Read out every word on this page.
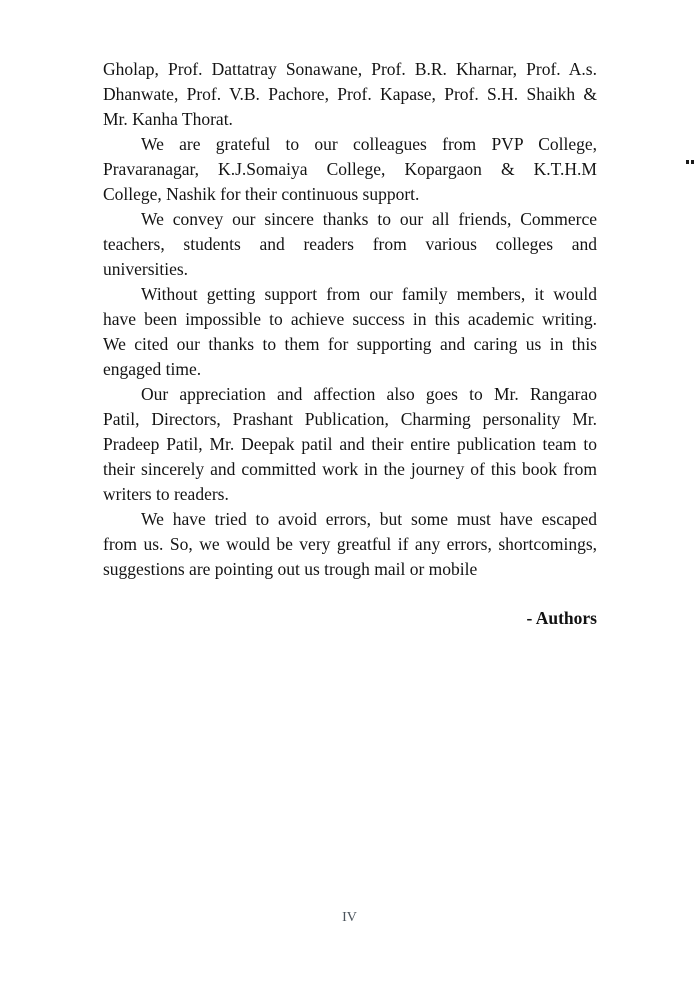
Gholap, Prof. Dattatray Sonawane, Prof. B.R. Kharnar, Prof. A.s.
Dhanwate, Prof. V.B. Pachore, Prof. Kapase, Prof. S.H. Shaikh &
Mr. Kanha Thorat.
We are grateful to our colleagues from PVP College,
Pravaranagar, K.J.Somaiya College, Kopargaon & K.T.H.M
College, Nashik for their continuous support.
We convey our sincere thanks to our all friends, Commerce
teachers, students and readers from various colleges and
universities.
Without getting support from our family members, it would
have been impossible to achieve success in this academic writing.
We cited our thanks to them for supporting and caring us in this
engaged time.
Our appreciation and affection also goes to Mr. Rangarao
Patil, Directors, Prashant Publication, Charming personality Mr.
Pradeep Patil, Mr. Deepak patil and their entire publication team to
their sincerely and committed work in the journey of this book from
writers to readers.
We have tried to avoid errors, but some must have escaped
from us. So, we would be very greatful if any errors, shortcomings,
suggestions are pointing out us trough mail or mobile
- Authors
IV
